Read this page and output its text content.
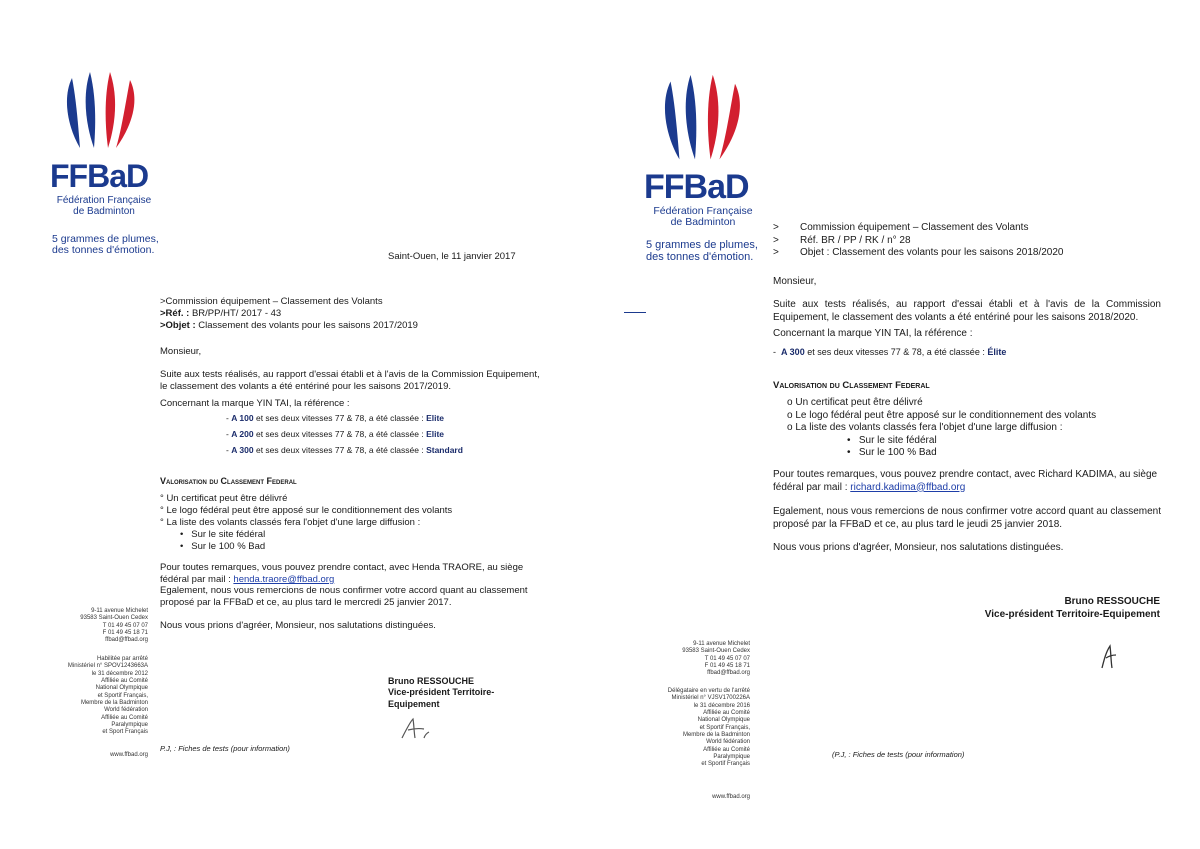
FFBaD
Fédération Française
de Badminton
5 grammes de plumes,
des tonnes d'émotion.
Saint-Ouen, le 11 janvier 2017
>Commission équipement – Classement des Volants
>Réf. : BR/PP/HT/ 2017 - 43
>Objet : Classement des volants pour les saisons 2017/2019
Monsieur,
Suite aux tests réalisés, au rapport d'essai établi et à l'avis de la Commission Equipement,
le classement des volants a été entériné pour les saisons 2017/2019.
Concernant la marque YIN TAI, la référence :
- A 100 et ses deux vitesses 77 & 78, a été classée : Elite
- A 200 et ses deux vitesses 77 & 78, a été classée : Elite
- A 300 et ses deux vitesses 77 & 78, a été classée : Standard
Valorisation du Classement Federal
° Un certificat peut être délivré
° Le logo fédéral peut être apposé sur le conditionnement des volants
° La liste des volants classés fera l'objet d'une large diffusion :
•   Sur le site fédéral
•   Sur le 100 % Bad
Pour toutes remarques, vous pouvez prendre contact, avec Henda TRAORE, au siège
fédéral par mail : henda.traore@ffbad.org
Egalement, nous vous remercions de nous confirmer votre accord quant au classement
proposé par la FFBaD et ce, au plus tard le mercredi 25 janvier 2017.
Nous vous prions d'agréer, Monsieur, nos salutations distinguées.
9-11 avenue Michelet
93583 Saint-Ouen Cedex
T 01 49 45 07 07
F 01 49 45 18 71
ffbad@ffbad.org
Habilitée par arrêté
Ministériel n° SPOV1243663A
le 31 décembre 2012
Affiliée au Comité
National Olympique
et Sportif Français,
Membre de la Badminton
World fédération
Affiliée au Comité
Paralympique
et Sport Français
www.ffbad.org
Bruno RESSOUCHE
Vice-président Territoire-
Equipement
P.J, : Fiches de tests (pour information)
FFBaD
Fédération Française
de Badminton
5 grammes de plumes,
des tonnes d'émotion.
> Commission équipement – Classement des Volants
> Réf. BR / PP / RK / n° 28
> Objet : Classement des volants pour les saisons 2018/2020
Monsieur,
Suite aux tests réalisés, au rapport d'essai établi et à l'avis de la Commission Equipement, le classement des volants a été entériné pour les saisons 2018/2020.
Concernant la marque YIN TAI, la référence :
- A 300 et ses deux vitesses 77 & 78, a été classée : Élite
Valorisation du Classement Federal
o Un certificat peut être délivré
o Le logo fédéral peut être apposé sur le conditionnement des volants
o La liste des volants classés fera l'objet d'une large diffusion :
•   Sur le site fédéral
•   Sur le 100 % Bad
Pour toutes remarques, vous pouvez prendre contact, avec Richard KADIMA, au siège
fédéral par mail : richard.kadima@ffbad.org
Egalement, nous vous remercions de nous confirmer votre accord quant au classement proposé par la FFBaD et ce, au plus tard le jeudi 25 janvier 2018.
Nous vous prions d'agréer, Monsieur, nos salutations distinguées.
Bruno RESSOUCHE
Vice-président Territoire-Equipement
9-11 avenue Michelet
93583 Saint-Ouen Cedex
T 01 49 45 07 07
F 01 49 45 18 71
ffbad@ffbad.org
Délégataire en vertu de l'arrêté
Ministériel n° VJSV1700226A
le 31 décembre 2016
Affiliée au Comité
National Olympique
et Sportif Français,
Membre de la Badminton
World fédération
Affiliée au Comité
Paralympique
et Sportif Français
(P.J, : Fiches de tests (pour information)
www.ffbad.org
